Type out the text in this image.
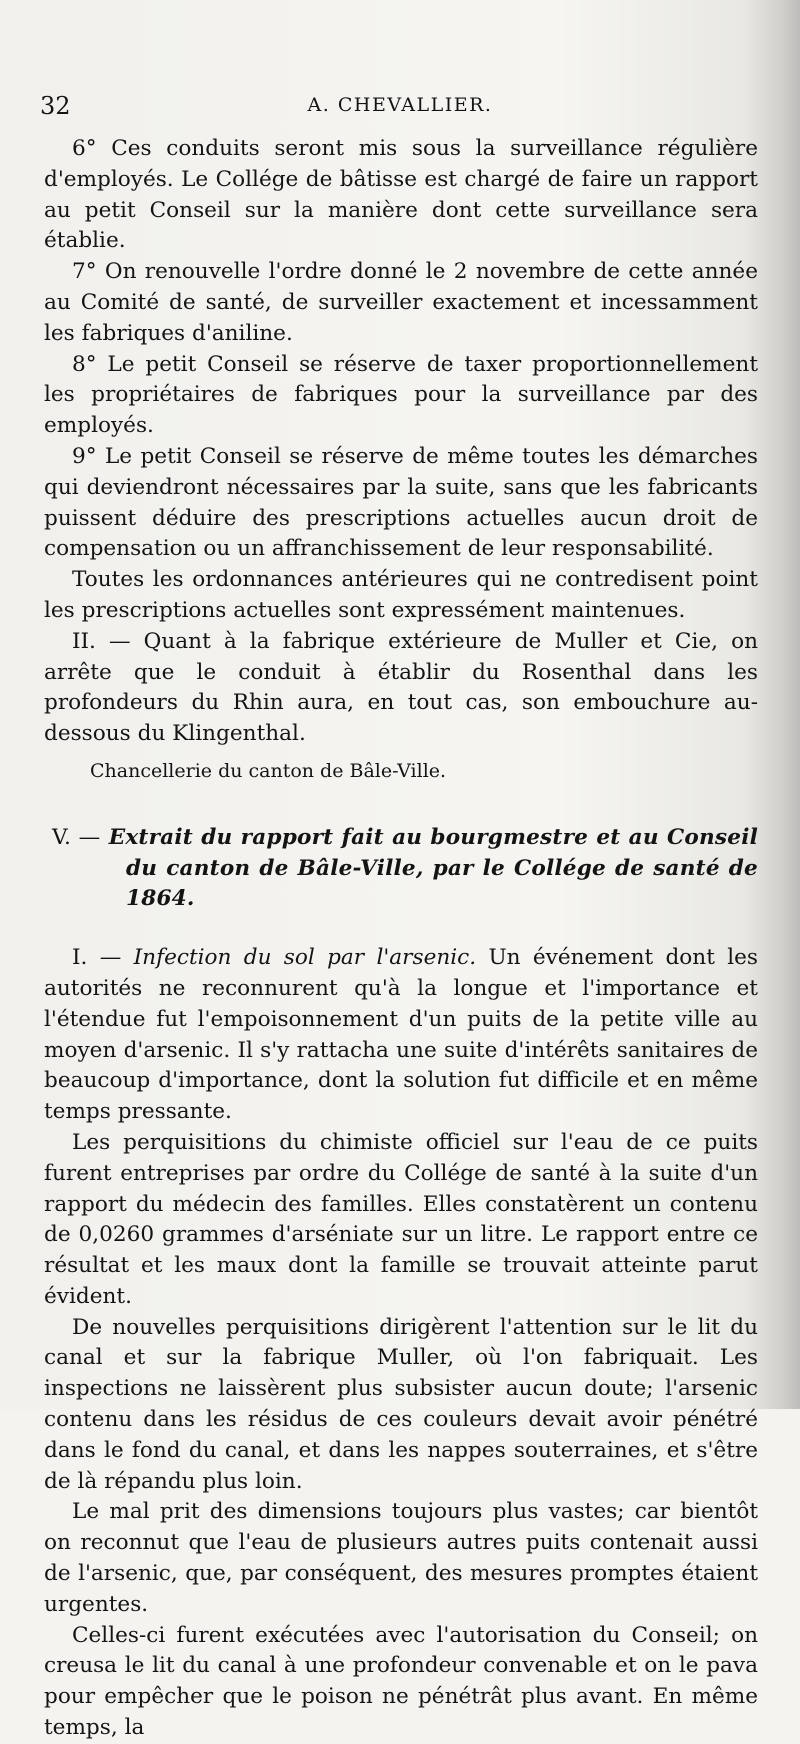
32	A. CHEVALLIER.

6° Ces conduits seront mis sous la surveillance régulière d'employés. Le Collége de bâtisse est chargé de faire un rapport au petit Conseil sur la manière dont cette surveillance sera établie.

7° On renouvelle l'ordre donné le 2 novembre de cette année au Comité de santé, de surveiller exactement et incessamment les fabriques d'aniline.

8° Le petit Conseil se réserve de taxer proportionnellement les propriétaires de fabriques pour la surveillance par des employés.

9° Le petit Conseil se réserve de même toutes les démarches qui deviendront nécessaires par la suite, sans que les fabricants puissent déduire des prescriptions actuelles aucun droit de compensation ou un affranchissement de leur responsabilité.

Toutes les ordonnances antérieures qui ne contredisent point les prescriptions actuelles sont expressément maintenues.

II. — Quant à la fabrique extérieure de Muller et Cie, on arrête que le conduit à établir du Rosenthal dans les profondeurs du Rhin aura, en tout cas, son embouchure au-dessous du Klingenthal.

Chancellerie du canton de Bâle-Ville.

V. — Extrait du rapport fait au bourgmestre et au Conseil du canton de Bâle-Ville, par le Collége de santé de 1864.

I. — Infection du sol par l'arsenic. Un événement dont les autorités ne reconnurent qu'à la longue et l'importance et l'étendue fut l'empoisonnement d'un puits de la petite ville au moyen d'arsenic. Il s'y rattacha une suite d'intérêts sanitaires de beaucoup d'importance, dont la solution fut difficile et en même temps pressante.

Les perquisitions du chimiste officiel sur l'eau de ce puits furent entreprises par ordre du Collége de santé à la suite d'un rapport du médecin des familles. Elles constatèrent un contenu de 0,0260 grammes d'arséniate sur un litre. Le rapport entre ce résultat et les maux dont la famille se trouvait atteinte parut évident.

De nouvelles perquisitions dirigèrent l'attention sur le lit du canal et sur la fabrique Muller, où l'on fabriquait. Les inspections ne laissèrent plus subsister aucun doute; l'arsenic contenu dans les résidus de ces couleurs devait avoir pénétré dans le fond du canal, et dans les nappes souterraines, et s'être de là répandu plus loin.

Le mal prit des dimensions toujours plus vastes; car bientôt on reconnut que l'eau de plusieurs autres puits contenait aussi de l'arsenic, que, par conséquent, des mesures promptes étaient urgentes.

Celles-ci furent exécutées avec l'autorisation du Conseil; on creusa le lit du canal à une profondeur convenable et on le pava pour empêcher que le poison ne pénétrât plus avant. En même temps, la
